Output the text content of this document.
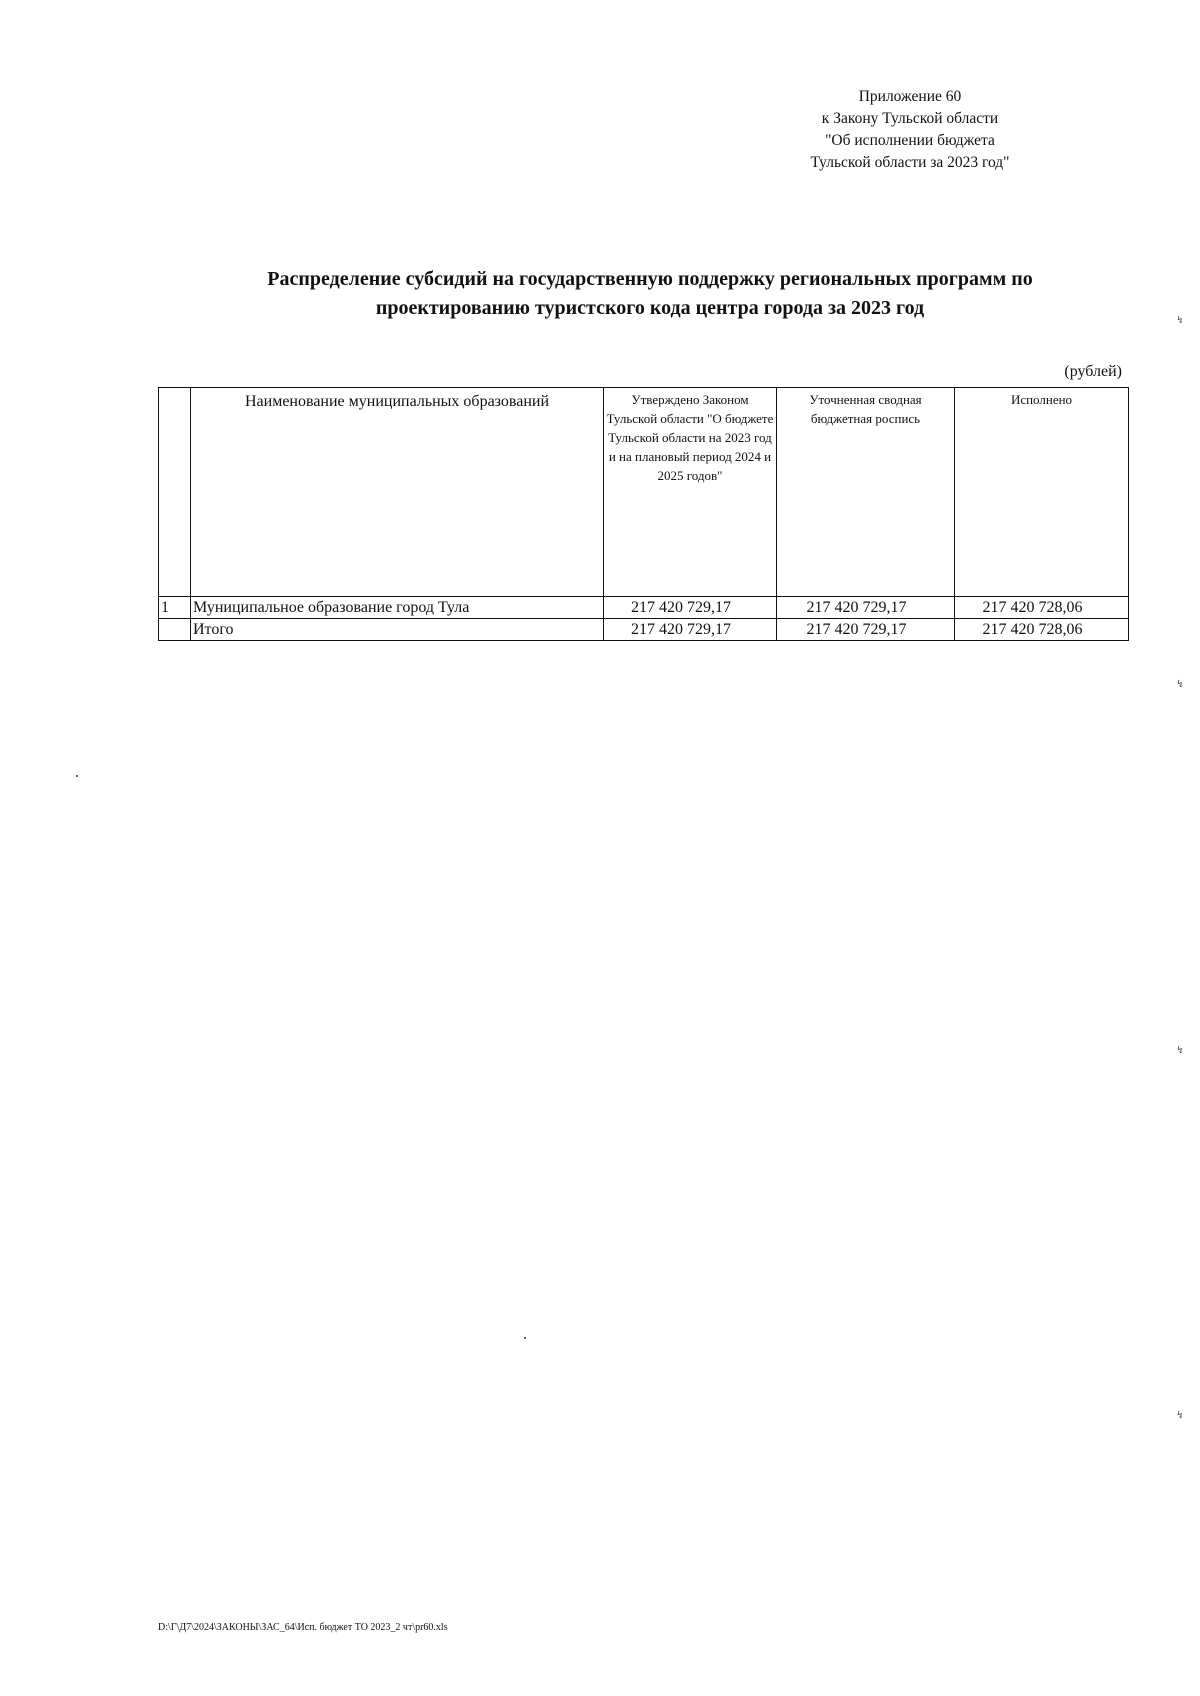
Приложение 60
к Закону Тульской области
"Об исполнении бюджета
Тульской области за 2023 год"
Распределение субсидий на государственную поддержку региональных программ по
проектированию туристского кода центра города за 2023 год
(рублей)
	Наименование муниципальных образований	Утверждено Законом Тульской области "О бюджете Тульской области на 2023 год и на плановый период 2024 и 2025 годов"	Уточненная сводная бюджетная роспись	Исполнено
1	Муниципальное образование город Тула	217 420 729,17	217 420 729,17	217 420 728,06
	Итого	217 420 729,17	217 420 729,17	217 420 728,06
↯
↯
↯
↯
D:\Г\Д7\2024\ЗАКОНЫ\ЗАС_64\Исп. бюджет ТО 2023_2 чт\pr60.xls
